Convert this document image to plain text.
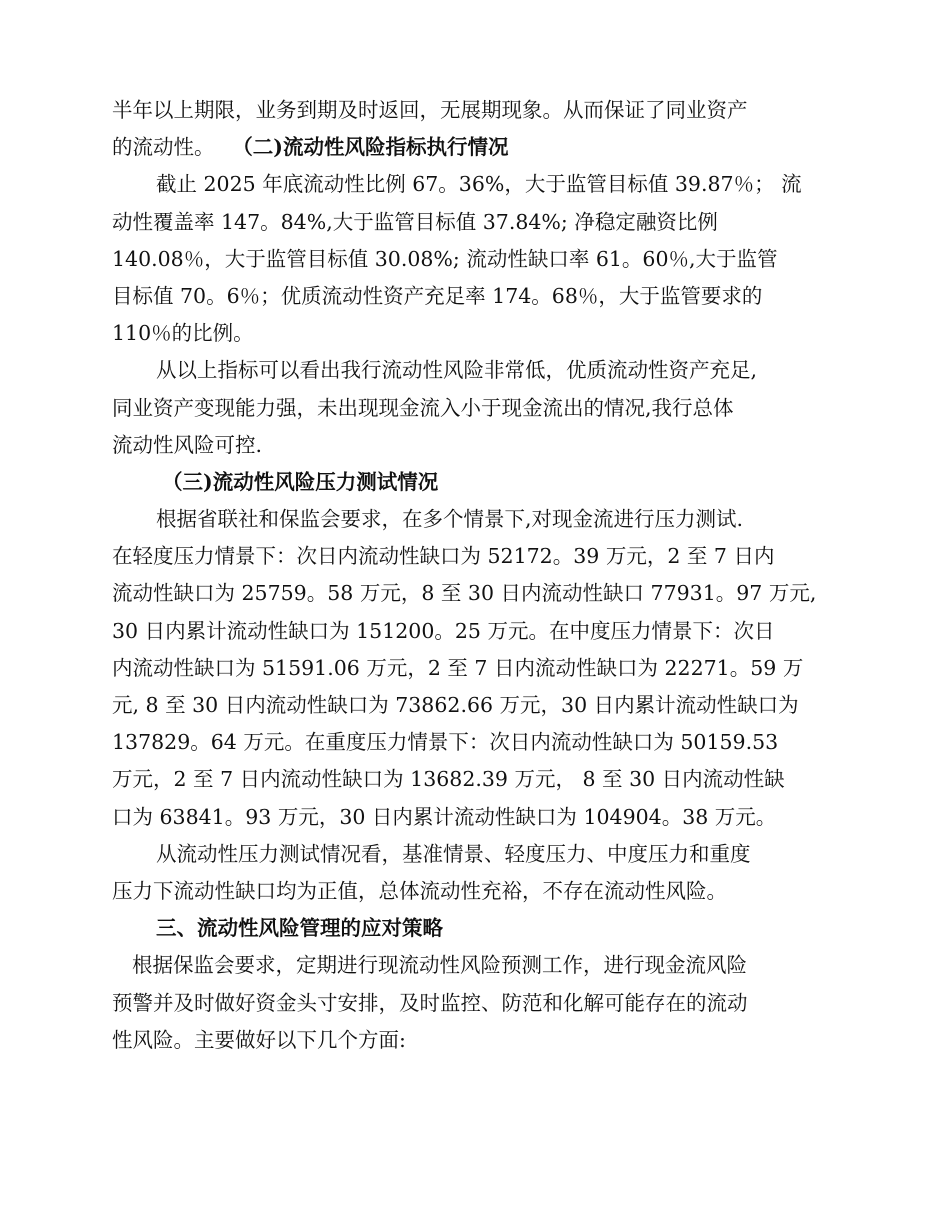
半年以上期限，业务到期及时返回，无展期现象。从而保证了同业资产
的流动性。 （二)流动性风险指标执行情况
截止 2025 年底流动性比例 67。36%，大于监管目标值 39.87％； 流
动性覆盖率 147。84%,大于监管目标值 37.84%; 净稳定融资比例
140.08％，大于监管目标值 30.08%; 流动性缺口率 61。60％,大于监管
目标值 70。6％；优质流动性资产充足率 174。68％，大于监管要求的
110％的比例。
从以上指标可以看出我行流动性风险非常低，优质流动性资产充足,
同业资产变现能力强，未出现现金流入小于现金流出的情况,我行总体
流动性风险可控.
（三)流动性风险压力测试情况
根据省联社和保监会要求，在多个情景下,对现金流进行压力测试.
在轻度压力情景下：次日内流动性缺口为 52172。39 万元，2 至 7 日内
流动性缺口为 25759。58 万元，8 至 30 日内流动性缺口 77931。97 万元,
30 日内累计流动性缺口为 151200。25 万元。在中度压力情景下：次日
内流动性缺口为 51591.06 万元，2 至 7 日内流动性缺口为 22271。59 万
元, 8 至 30 日内流动性缺口为 73862.66 万元，30 日内累计流动性缺口为
137829。64 万元。在重度压力情景下：次日内流动性缺口为 50159.53
万元，2 至 7 日内流动性缺口为 13682.39 万元， 8 至 30 日内流动性缺
口为 63841。93 万元，30 日内累计流动性缺口为 104904。38 万元。
从流动性压力测试情况看，基准情景、轻度压力、中度压力和重度
压力下流动性缺口均为正值，总体流动性充裕，不存在流动性风险。
三、流动性风险管理的应对策略
根据保监会要求，定期进行现流动性风险预测工作，进行现金流风险
预警并及时做好资金头寸安排，及时监控、防范和化解可能存在的流动
性风险。主要做好以下几个方面:
